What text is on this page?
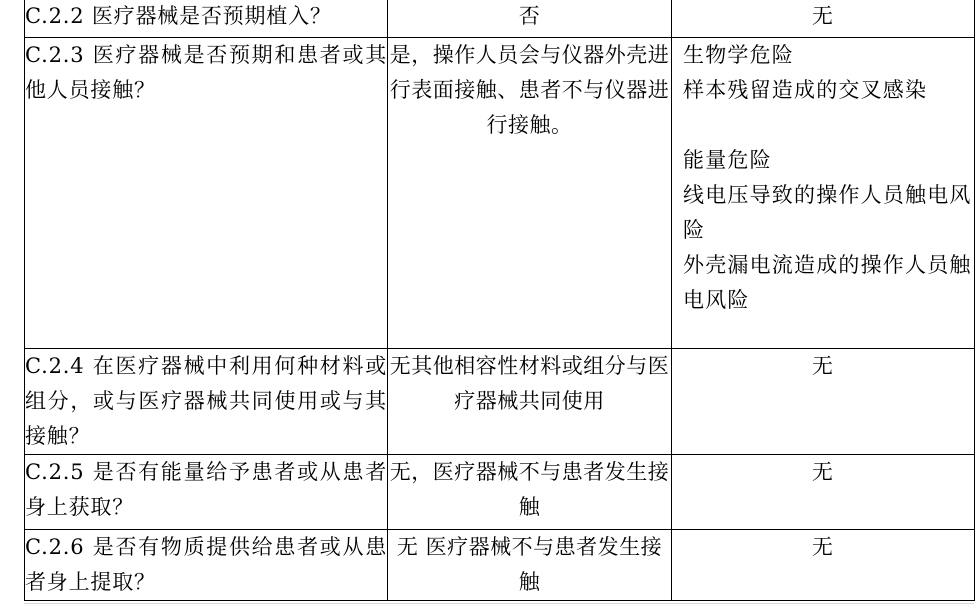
C.2.2 医疗器械是否预期植入？	否	无

C.2.3 医疗器械是否预期和患者或其他人员接触？	是，操作人员会与仪器外壳进行表面接触、患者不与仪器进行接触。	生物学危险
样本残留造成的交叉感染
能量危险
线电压导致的操作人员触电风险
外壳漏电流造成的操作人员触电风险

C.2.4 在医疗器械中利用何种材料或组分，或与医疗器械共同使用或与其接触？	无其他相容性材料或组分与医疗器械共同使用	无

C.2.5 是否有能量给予患者或从患者身上获取？	无，医疗器械不与患者发生接触	无

C.2.6 是否有物质提供给患者或从患者身上提取？	无 医疗器械不与患者发生接触	无
